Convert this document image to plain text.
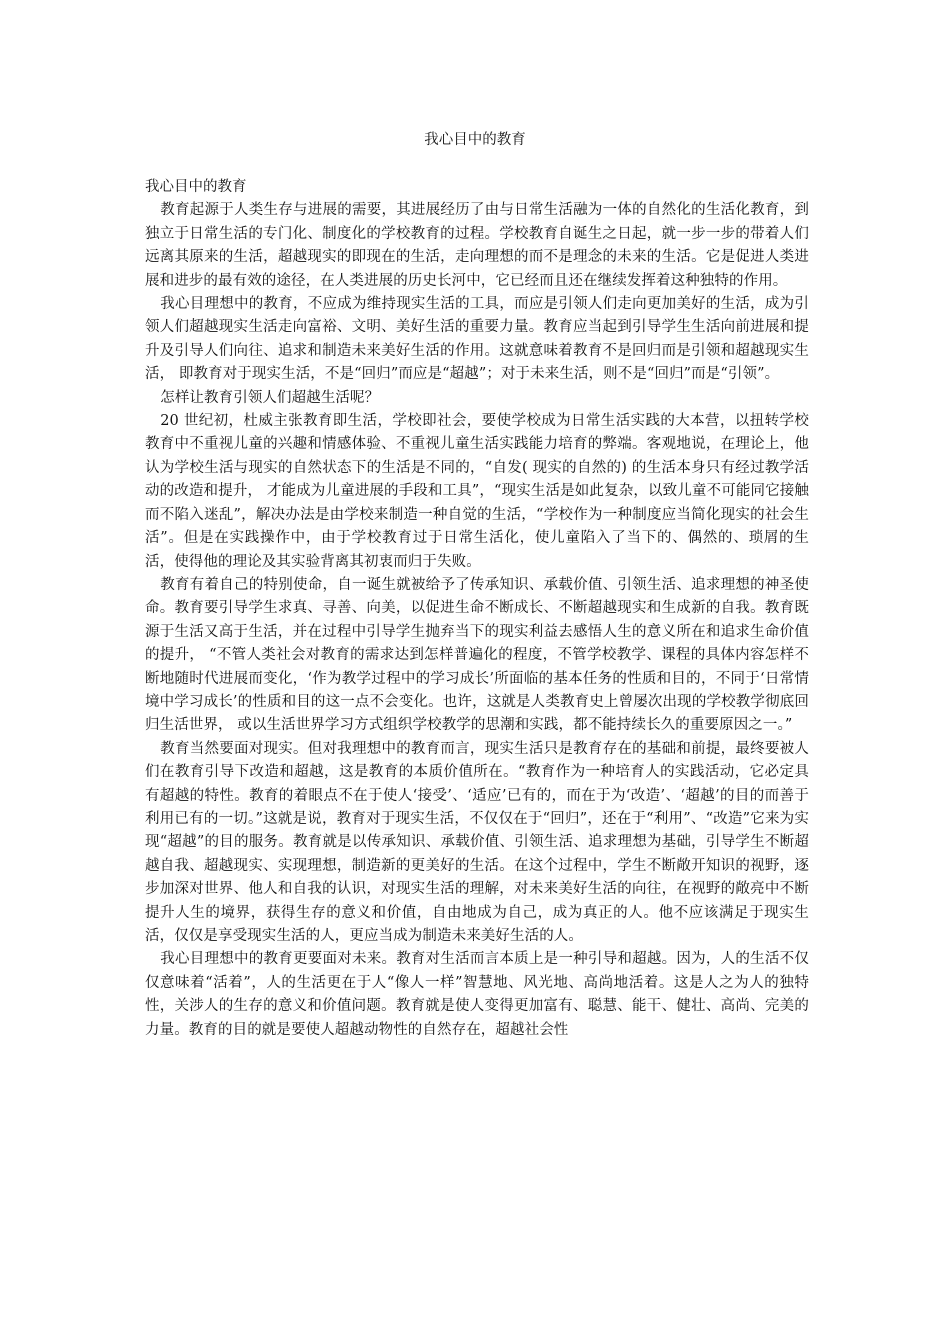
我心目中的教育

我心目中的教育

教育起源于人类生存与进展的需要，其进展经历了由与日常生活融为一体的自然化的生活化教育，到独立于日常生活的专门化、制度化的学校教育的过程。学校教育自诞生之日起，就一步一步的带着人们远离其原来的生活，超越现实的即现在的生活，走向理想的而不是理念的未来的生活。它是促进人类进展和进步的最有效的途径，在人类进展的历史长河中，它已经而且还在继续发挥着这种独特的作用。

我心目理想中的教育，不应成为维持现实生活的工具，而应是引领人们走向更加美好的生活，成为引领人们超越现实生活走向富裕、文明、美好生活的重要力量。教育应当起到引导学生生活向前进展和提升及引导人们向往、追求和制造未来美好生活的作用。这就意味着教育不是回归而是引领和超越现实生活， 即教育对于现实生活，不是“回归”而应是“超越”；对于未来生活，则不是“回归”而是“引领”。

怎样让教育引领人们超越生活呢？

20 世纪初，杜威主张教育即生活，学校即社会，要使学校成为日常生活实践的大本营，以扭转学校教育中不重视儿童的兴趣和情感体验、不重视儿童生活实践能力培育的弊端。客观地说，在理论上，他认为学校生活与现实的自然状态下的生活是不同的，“自发( 现实的自然的) 的生活本身只有经过教学活动的改造和提升， 才能成为儿童进展的手段和工具”，“现实生活是如此复杂，以致儿童不可能同它接触而不陷入迷乱”，解决办法是由学校来制造一种自觉的生活，“学校作为一种制度应当简化现实的社会生活”。但是在实践操作中，由于学校教育过于日常生活化，使儿童陷入了当下的、偶然的、琐屑的生活，使得他的理论及其实验背离其初衷而归于失败。

教育有着自己的特别使命，自一诞生就被给予了传承知识、承载价值、引领生活、追求理想的神圣使命。教育要引导学生求真、寻善、向美，以促进生命不断成长、不断超越现实和生成新的自我。教育既源于生活又高于生活，并在过程中引导学生抛弃当下的现实利益去感悟人生的意义所在和追求生命价值的提升， “不管人类社会对教育的需求达到怎样普遍化的程度，不管学校教学、课程的具体内容怎样不断地随时代进展而变化，‘作为教学过程中的学习成长’所面临的基本任务的性质和目的，不同于‘日常情境中学习成长’的性质和目的这一点不会变化。也许，这就是人类教育史上曾屡次出现的学校教学彻底回归生活世界， 或以生活世界学习方式组织学校教学的思潮和实践，都不能持续长久的重要原因之一。”

教育当然要面对现实。但对我理想中的教育而言，现实生活只是教育存在的基础和前提，最终要被人们在教育引导下改造和超越，这是教育的本质价值所在。“教育作为一种培育人的实践活动，它必定具有超越的特性。教育的着眼点不在于使人‘接受’、‘适应’已有的，而在于为‘改造’、‘超越’的目的而善于利用已有的一切。”这就是说，教育对于现实生活，不仅仅在于“回归”，还在于“利用”、“改造”它来为实现“超越”的目的服务。教育就是以传承知识、承载价值、引领生活、追求理想为基础，引导学生不断超越自我、超越现实、实现理想，制造新的更美好的生活。在这个过程中，学生不断敞开知识的视野，逐步加深对世界、他人和自我的认识，对现实生活的理解，对未来美好生活的向往，在视野的敞亮中不断提升人生的境界，获得生存的意义和价值，自由地成为自己，成为真正的人。他不应该满足于现实生活，仅仅是享受现实生活的人，更应当成为制造未来美好生活的人。

我心目理想中的教育更要面对未来。教育对生活而言本质上是一种引导和超越。因为，人的生活不仅仅意味着“活着”，人的生活更在于人“像人一样”智慧地、风光地、高尚地活着。这是人之为人的独特性，关涉人的生存的意义和价值问题。教育就是使人变得更加富有、聪慧、能干、健壮、高尚、完美的力量。教育的目的就是要使人超越动物性的自然存在，超越社会性
